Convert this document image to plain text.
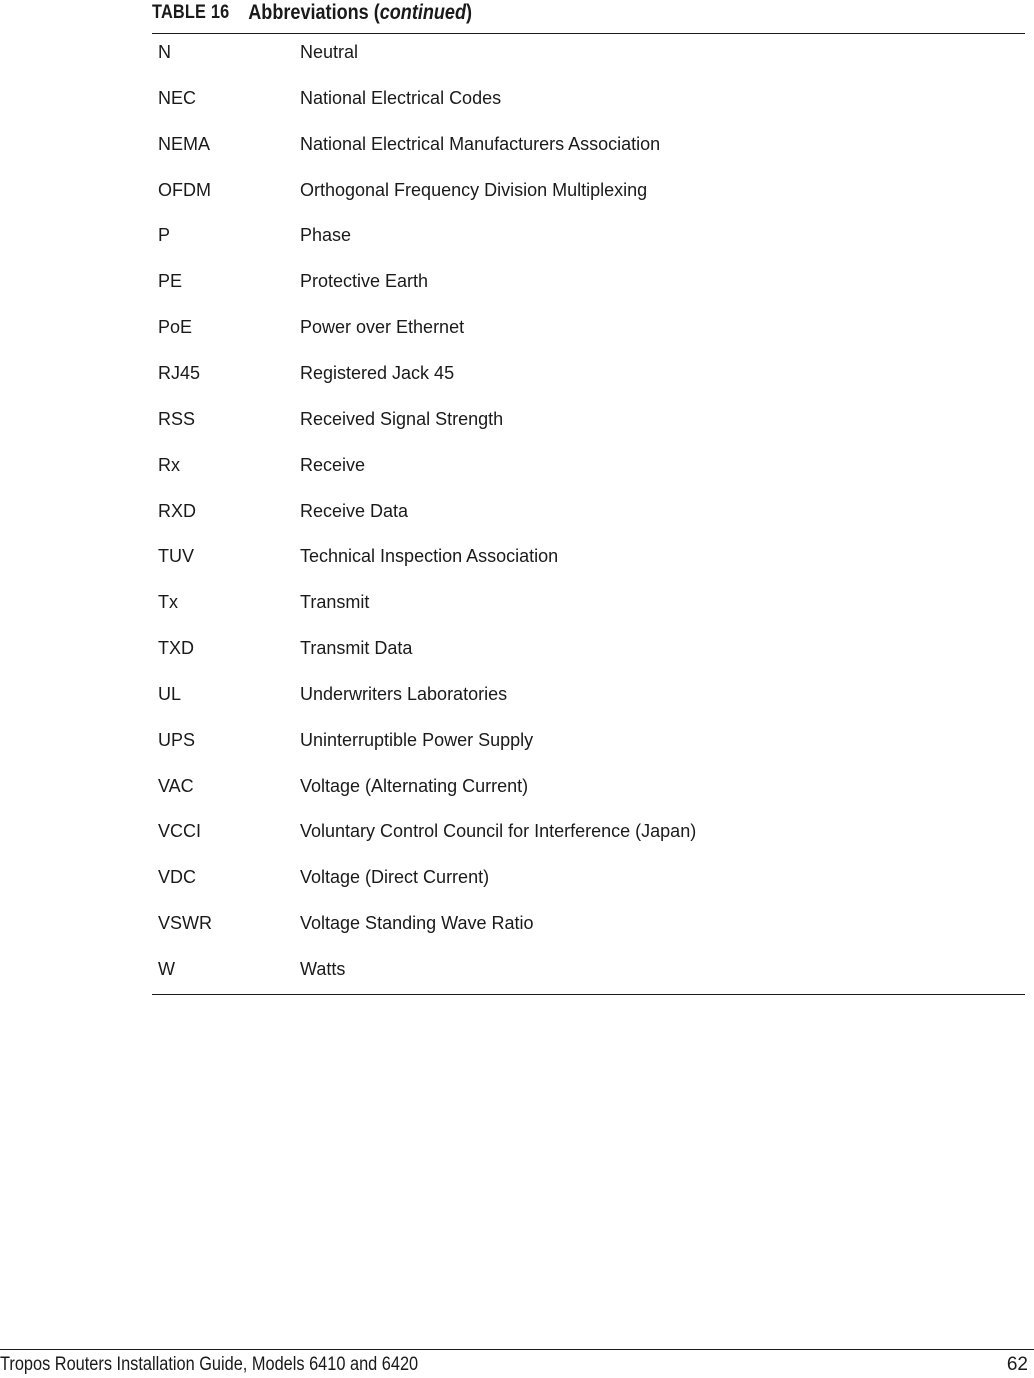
TABLE 16 Abbreviations (continued)
N	Neutral
NEC	National Electrical Codes
NEMA	National Electrical Manufacturers Association
OFDM	Orthogonal Frequency Division Multiplexing
P	Phase
PE	Protective Earth
PoE	Power over Ethernet
RJ45	Registered Jack 45
RSS	Received Signal Strength
Rx	Receive
RXD	Receive Data
TUV	Technical Inspection Association
Tx	Transmit
TXD	Transmit Data
UL	Underwriters Laboratories
UPS	Uninterruptible Power Supply
VAC	Voltage (Alternating Current)
VCCI	Voluntary Control Council for Interference (Japan)
VDC	Voltage (Direct Current)
VSWR	Voltage Standing Wave Ratio
W	Watts
Tropos Routers Installation Guide, Models 6410 and 6420	62
